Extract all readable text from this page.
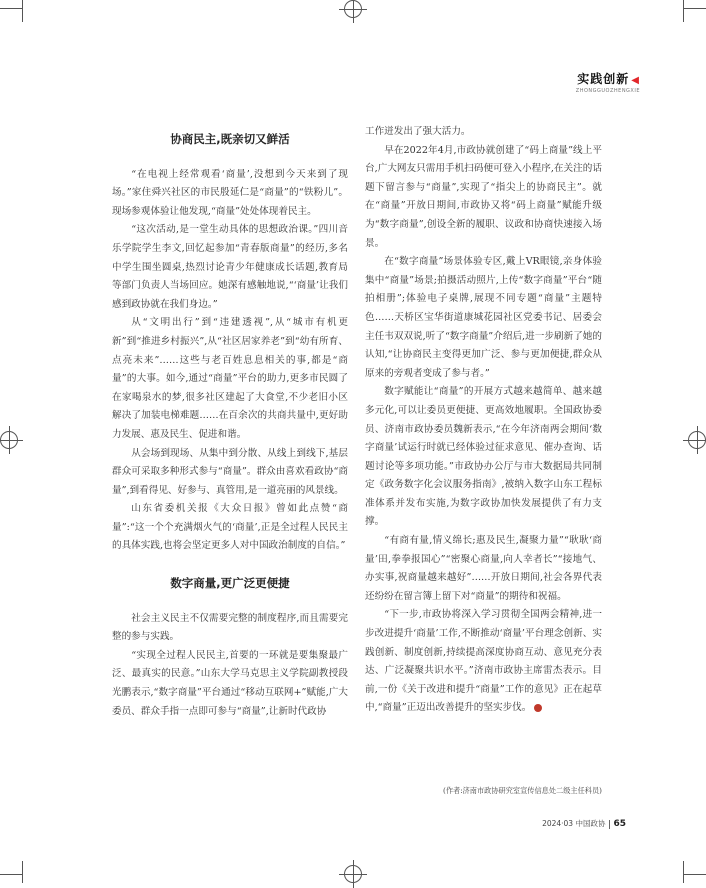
实践创新 ◀
ZHONGGUOZHENGXIE
协商民主,既亲切又鲜活

“在电视上经常观看‘商量’,没想到今天来到了现场。”家住舜兴社区的市民殷延仁是“商量”的“铁粉儿”。现场参观体验让他发现,“商量”处处体现着民主。

“这次活动,是一堂生动具体的思想政治课。”四川音乐学院学生李文,回忆起参加“青春版商量”的经历,多名中学生围坐圆桌,热烈讨论青少年健康成长话题,教育局等部门负责人当场回应。她深有感触地说,“‘商量’让我们感到政协就在我们身边。”

从“文明出行”到“违建透视”,从“城市有机更新”到“推进乡村振兴”,从“社区居家养老”到“幼有所育、点亮未来”……这些与老百姓息息相关的事,都是“商量”的大事。如今,通过“商量”平台的助力,更多市民圆了在家喝泉水的梦,很多社区建起了大食堂,不少老旧小区解决了加装电梯难题……在百余次的共商共量中,更好助力发展、惠及民生、促进和谐。

从会场到现场、从集中到分散、从线上到线下,基层群众可采取多种形式参与“商量”。群众由喜欢看政协“商量”,到看得见、好参与、真管用,是一道亮丽的风景线。

山东省委机关报《大众日报》曾如此点赞“商量”:“这一个个充满烟火气的‘商量’,正是全过程人民民主的具体实践,也将会坚定更多人对中国政治制度的自信。”

数字商量,更广泛更便捷

社会主义民主不仅需要完整的制度程序,而且需要完整的参与实践。

“实现全过程人民民主,首要的一环就是要集聚最广泛、最真实的民意。”山东大学马克思主义学院副教授段光鹏表示,“数字商量”平台通过“移动互联网+”赋能,广大委员、群众手指一点即可参与“商量”,让新时代政协

工作迸发出了强大活力。

早在2022年4月,市政协就创建了“码上商量”线上平台,广大网友只需用手机扫码便可登入小程序,在关注的话题下留言参与“商量”,实现了“指尖上的协商民主”。就在“商量”开放日期间,市政协又将“码上商量”赋能升级为“数字商量”,创设全新的履职、议政和协商快速接入场景。

在“数字商量”场景体验专区,戴上VR眼镜,亲身体验集中“商量”场景;拍摄活动照片,上传“数字商量”平台“随拍相册”;体验电子桌牌,展现不同专题“商量”主题特色……天桥区宝华街道康城花园社区党委书记、居委会主任韦双双说,听了“数字商量”介绍后,进一步刷新了她的认知,“让协商民主变得更加广泛、参与更加便捷,群众从原来的旁观者变成了参与者。”

数字赋能让“商量”的开展方式越来越简单、越来越多元化,可以让委员更便捷、更高效地履职。全国政协委员、济南市政协委员魏新表示,“在今年济南两会期间‘数字商量’试运行时就已经体验过征求意见、催办查询、话题讨论等多项功能。”市政协办公厅与市大数据局共同制定《政务数字化会议服务指南》,被纳入数字山东工程标准体系并发布实施,为数字政协加快发展提供了有力支撑。

“有商有量,情义绵长;惠及民生,凝聚力量”“耿耿‘商量’田,拳拳报国心”“密聚心商量,向人幸者长”“接地气、办实事,祝商量越来越好”……开放日期间,社会各界代表还纷纷在留言簿上留下对“商量”的期待和祝福。

“下一步,市政协将深入学习贯彻全国两会精神,进一步改进提升‘商量’工作,不断推动‘商量’平台理念创新、实践创新、制度创新,持续提高深度协商互动、意见充分表达、广泛凝聚共识水平。”济南市政协主席雷杰表示。目前,一份《关于改进和提升“商量”工作的意见》正在起草中,“商量”正迈出改善提升的坚实步伐。

(作者:济南市政协研究室宣传信息处二级主任科员)
2024·03 中国政协 65
